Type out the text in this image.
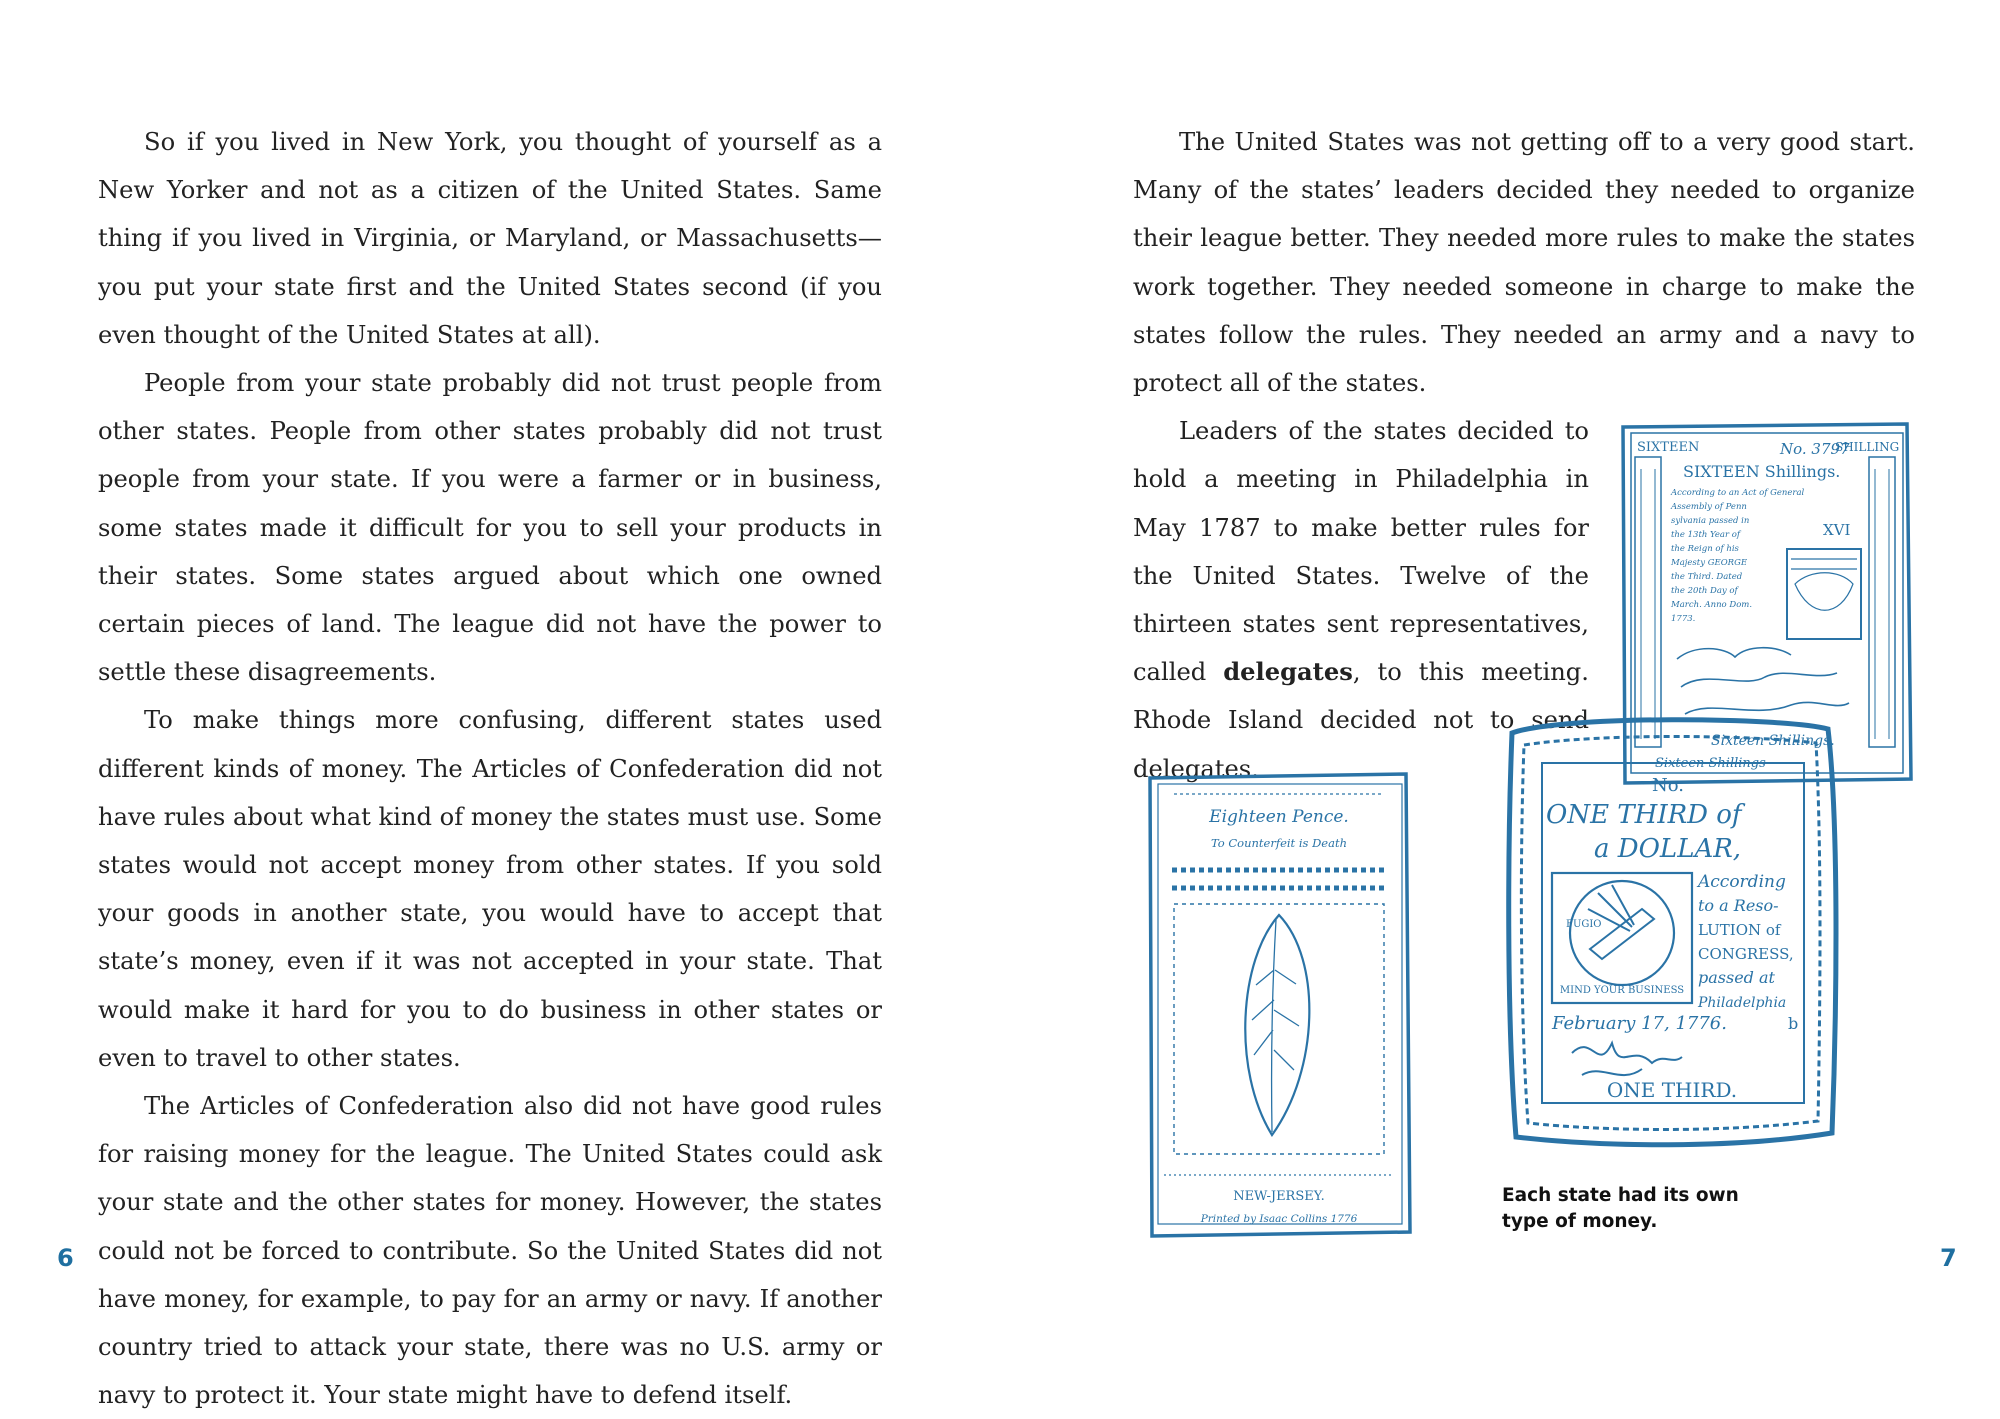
So if you lived in New York, you thought of yourself as a New Yorker and not as a citizen of the United States. Same thing if you lived in Virginia, or Maryland, or Massachusetts—you put your state first and the United States second (if you even thought of the United States at all).

People from your state probably did not trust people from other states. People from other states probably did not trust people from your state. If you were a farmer or in business, some states made it difficult for you to sell your products in their states. Some states argued about which one owned certain pieces of land. The league did not have the power to settle these disagreements.

To make things more confusing, different states used different kinds of money. The Articles of Confederation did not have rules about what kind of money the states must use. Some states would not accept money from other states. If you sold your goods in another state, you would have to accept that state’s money, even if it was not accepted in your state. That would make it hard for you to do business in other states or even to travel to other states.

The Articles of Confederation also did not have good rules for raising money for the league. The United States could ask your state and the other states for money. However, the states could not be forced to contribute. So the United States did not have money, for example, to pay for an army or navy. If another country tried to attack your state, there was no U.S. army or navy to protect it. Your state might have to defend itself.

The United States was not getting off to a very good start. Many of the states’ leaders decided they needed to organize their league better. They needed more rules to make the states work together. They needed someone in charge to make the states follow the rules. They needed an army and a navy to protect all of the states.

SIXTEEN	SHILLING
No. 3797
SIXTEEN Shillings.
According to an Act of General
Assembly of Penn
sylvania passed in
the 13th Year of
the Reign of his
Majesty GEORGE
the Third. Dated
the 20th Day of
March. Anno Dom.
1773.
XVI
Sixteen Shillings.
Sixteen Shillings

Leaders of the states decided to hold a meeting in Philadelphia in May 1787 to make better rules for the United States. Twelve of the thirteen states sent representatives, called delegates, to this meeting. Rhode Island decided not to send delegates.

Eighteen Pence.
To Counterfeit is Death
NEW-JERSEY.
Printed by Isaac Collins 1776
No.
ONE THIRD of
a DOLLAR,
FUGIO
MIND YOUR BUSINESS
According
to a Reso-
LUTION of
CONGRESS,
passed at
Philadelphia
February 17, 1776.	b
ONE THIRD.
Each state had its own type of money.
6	7
